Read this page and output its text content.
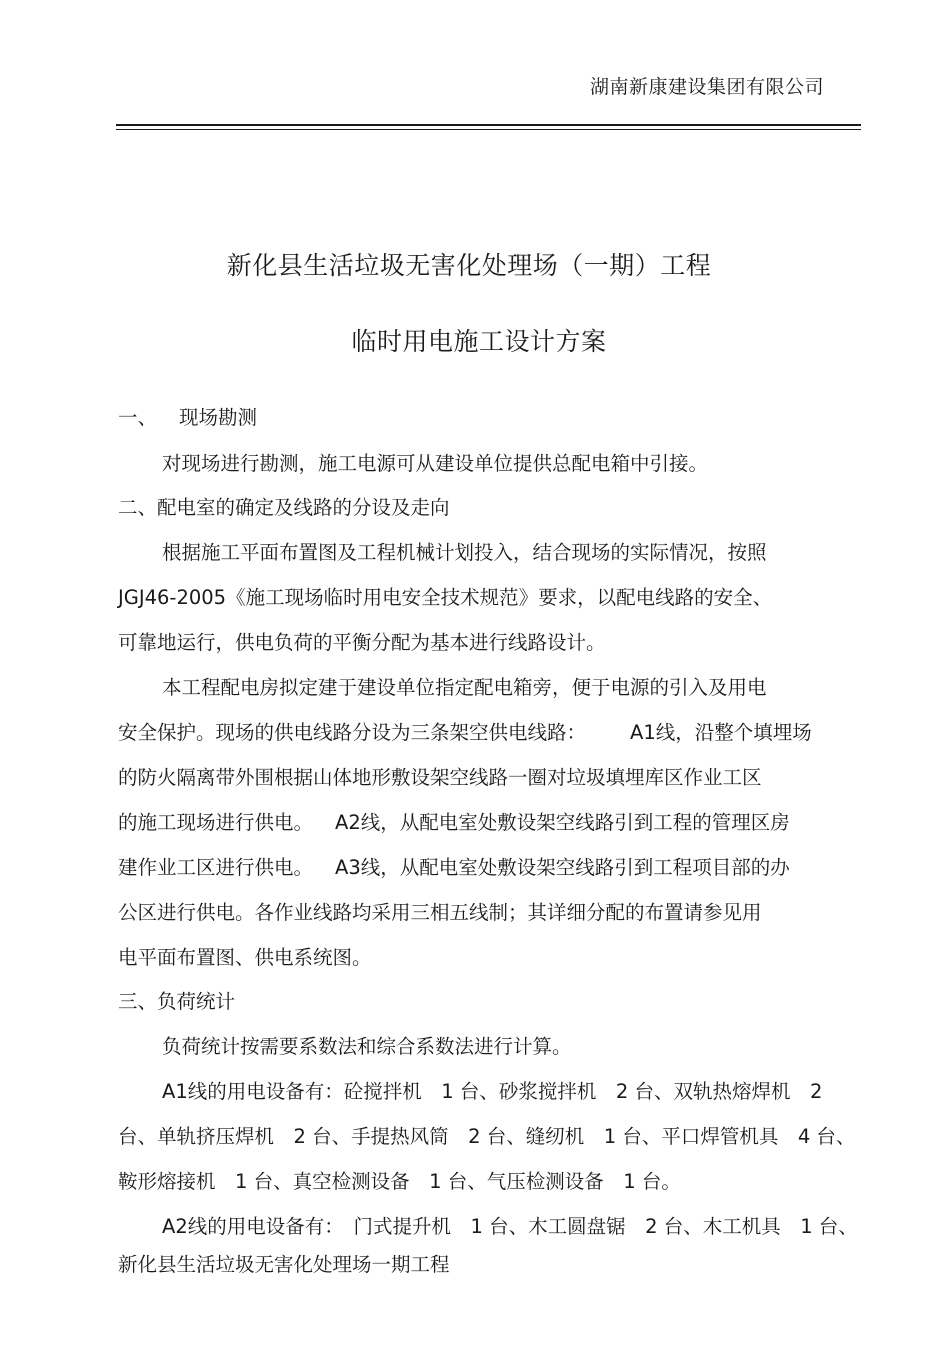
湖南新康建设集团有限公司
新化县生活垃圾无害化处理场（一期）工程
临时用电施工设计方案
一、 现场勘测
对现场进行勘测，施工电源可从建设单位提供总配电箱中引接。
二、配电室的确定及线路的分设及走向
根据施工平面布置图及工程机械计划投入，结合现场的实际情况，按照
JGJ46-2005《施工现场临时用电安全技术规范》要求，以配电线路的安全、
可靠地运行，供电负荷的平衡分配为基本进行线路设计。
本工程配电房拟定建于建设单位指定配电箱旁，便于电源的引入及用电
安全保护。现场的供电线路分设为三条架空供电线路： A1线，沿整个填埋场
的防火隔离带外围根据山体地形敷设架空线路一圈对垃圾填埋库区作业工区
的施工现场进行供电。 A2线，从配电室处敷设架空线路引到工程的管理区房
建作业工区进行供电。 A3线，从配电室处敷设架空线路引到工程项目部的办
公区进行供电。各作业线路均采用三相五线制；其详细分配的布置请参见用
电平面布置图、供电系统图。
三、负荷统计
负荷统计按需要系数法和综合系数法进行计算。
A1线的用电设备有：砼搅拌机　1 台、砂浆搅拌机　2 台、双轨热熔焊机　2
台、单轨挤压焊机　2 台、手提热风筒　2 台、缝纫机　1 台、平口焊管机具　4 台、
鞍形熔接机　1 台、真空检测设备　1 台、气压检测设备　1 台。
A2线的用电设备有：　门式提升机　1 台、木工圆盘锯　2 台、木工机具　1 台、
新化县生活垃圾无害化处理场一期工程
